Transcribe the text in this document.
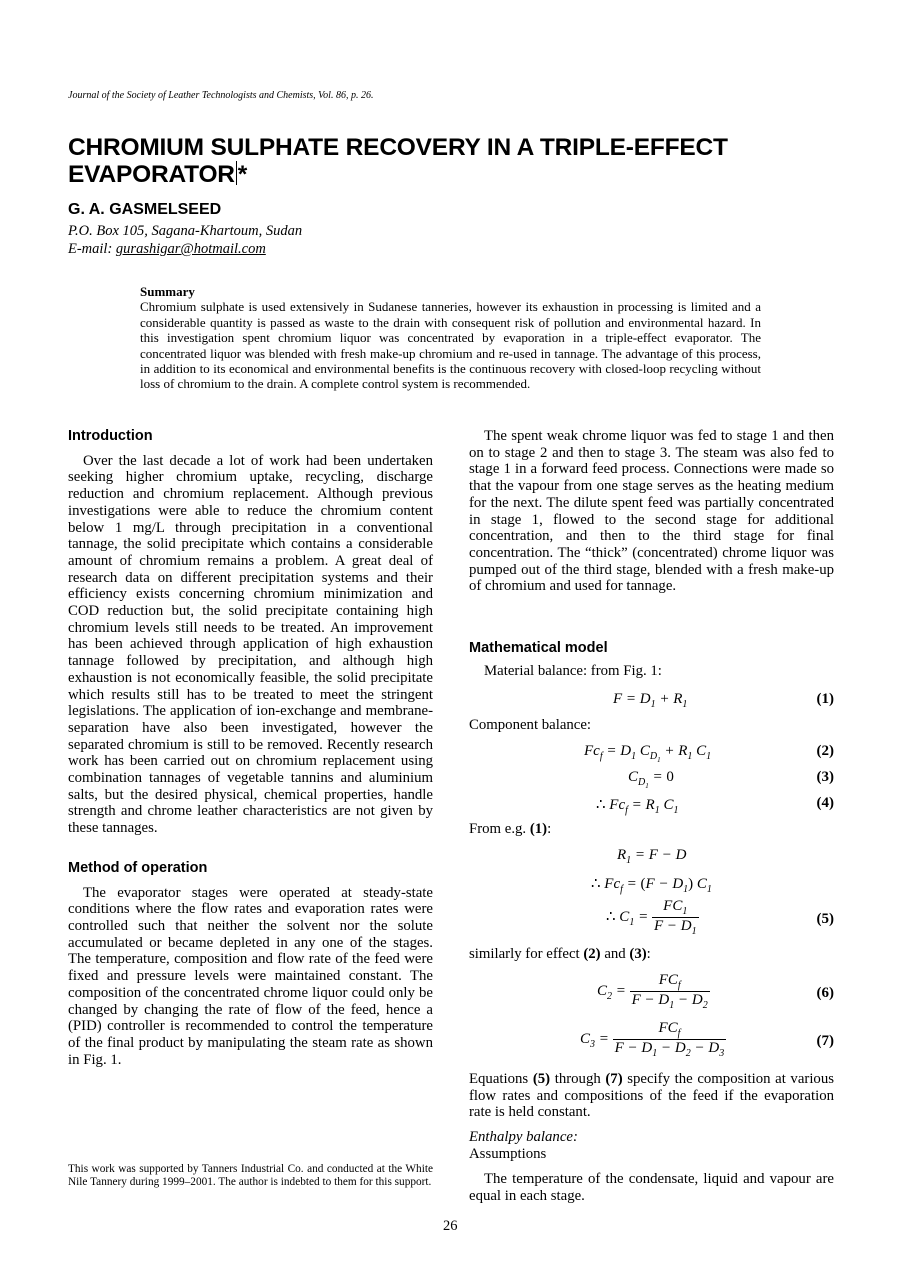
Journal of the Society of Leather Technologists and Chemists, Vol. 86, p. 26.
CHROMIUM SULPHATE RECOVERY IN A TRIPLE-EFFECT
EVAPORATOR *
G. A. GASMELSEED
P.O. Box 105, Sagana-Khartoum, Sudan
E-mail: gurashigar@hotmail.com
Summary

Chromium sulphate is used extensively in Sudanese tanneries, however its exhaustion in processing is limited and a considerable quantity is passed as waste to the drain with consequent risk of pollution and environmental hazard. In this investigation spent chromium liquor was concentrated by evaporation in a triple-effect evaporator. The concentrated liquor was blended with fresh make-up chromium and re-used in tannage. The advantage of this process, in addition to its economical and environmental benefits is the continuous recovery with closed-loop recycling without loss of chromium to the drain. A complete control system is recommended.

Introduction

Over the last decade a lot of work had been undertaken seeking higher chromium uptake, recycling, discharge reduction and chromium replacement. Although previous investigations were able to reduce the chromium content below 1 mg/L through precipitation in a conventional tannage, the solid precipitate which contains a considerable amount of chromium remains a problem. A great deal of research data on different precipitation systems and their efficiency exists concerning chromium minimization and COD reduction but, the solid precipitate containing high chromium levels still needs to be treated. An improvement has been achieved through application of high exhaustion tannage followed by precipitation, and although high exhaustion is not economically feasible, the solid precipitate which results still has to be treated to meet the stringent legislations. The application of ion-exchange and membrane-separation have also been investigated, however the separated chromium is still to be removed. Recently research work has been carried out on chromium replacement using combination tannages of vegetable tannins and aluminium salts, but the desired physical, chemical properties, handle strength and chrome leather characteristics are not given by these tannages.

Method of operation

The evaporator stages were operated at steady-state conditions where the flow rates and evaporation rates were controlled such that neither the solvent nor the solute accumulated or became depleted in any one of the stages. The temperature, composition and flow rate of the feed were fixed and pressure levels were maintained constant. The composition of the concentrated chrome liquor could only be changed by changing the rate of flow of the feed, hence a (PID) controller is recommended to control the temperature of the final product by manipulating the steam rate as shown in Fig. 1.

This work was supported by Tanners Industrial Co. and conducted at the White Nile Tannery during 1999–2001. The author is indebted to them for this support.

The spent weak chrome liquor was fed to stage 1 and then on to stage 2 and then to stage 3. The steam was also fed to stage 1 in a forward feed process. Connections were made so that the vapour from one stage serves as the heating medium for the next. The dilute spent feed was partially concentrated in stage 1, flowed to the second stage for additional concentration, and then to the third stage for final concentration. The “thick” (concentrated) chrome liquor was pumped out of the third stage, blended with a fresh make-up of chromium and used for tannage.

Mathematical model

Material balance: from Fig. 1:

$F = D_1 + R_1$	(1)
Component balance:
$Fc_f = D_1$ $C_{D_1} + R_1$ $C_1$	(2)
$C_{D_1} = 0$	(3)
∴ $Fc_f = R_1$ $C_1$	(4)
From e.g. (1):
$R_1 = F - D$
∴ $Fc_f = (F - D_1)$ $C_1$
∴ $C_1 = \frac{FC_1}{F - D_1}$	(5)
similarly for effect (2) and (3):
$C_2 = \frac{FC_f}{F - D_1 - D_2}$	(6)
$C_3 = \frac{FC_f}{F - D_1 - D_2 - D_3}$	(7)
Equations (5) through (7) specify the composition at various flow rates and compositions of the feed if the evaporation rate is held constant.
Enthalpy balance:
Assumptions

The temperature of the condensate, liquid and vapour are equal in each stage.

26
